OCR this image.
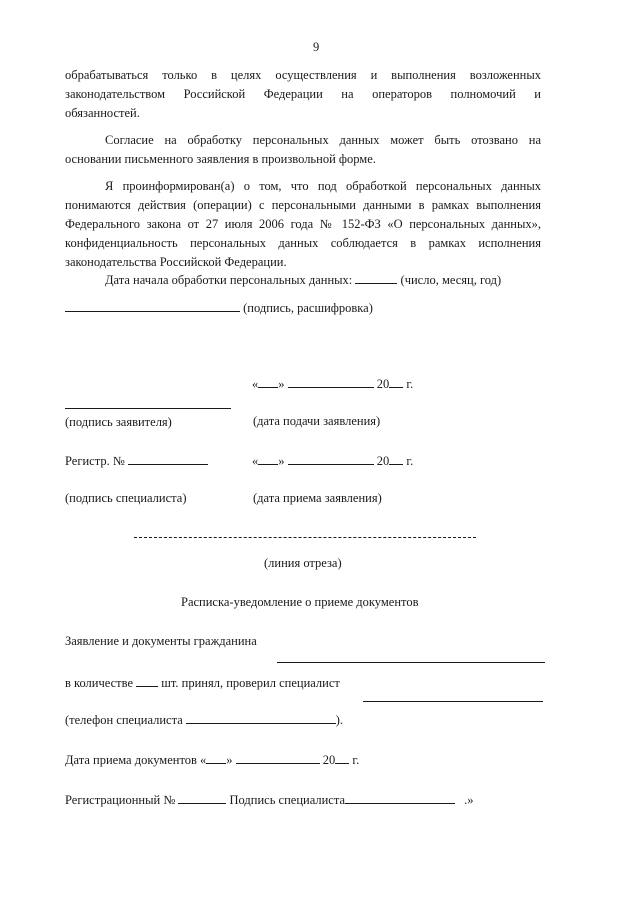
9
обрабатываться только в целях осуществления и выполнения возложенных
законодательством Российской Федерации на операторов полномочий и
обязанностей.
Согласие на обработку персональных данных может быть отозвано на
основании письменного заявления в произвольной форме.
Я проинформирован(а) о том, что под обработкой персональных данных
понимаются действия (операции) с персональными данными в рамках выполнения
Федерального закона от 27 июля 2006 года № 152-ФЗ «О персональных данных»,
конфиденциальность персональных данных соблюдается в рамках исполнения
законодательства Российской Федерации.
Дата начала обработки персональных данных:	(число, месяц, год)
(подпись, расшифровка)
« »	20 г.
(подпись заявителя)	(дата подачи заявления)
Регистр. №	« »	20 г.
(подпись специалиста)	(дата приема заявления)
(линия отреза)
Расписка-уведомление о приеме документов
Заявление и документы гражданина
в количестве шт. принял, проверил специалист
(телефон специалиста	).
Дата приема документов « »	20 г.
Регистрационный №	Подпись специалиста	.»
